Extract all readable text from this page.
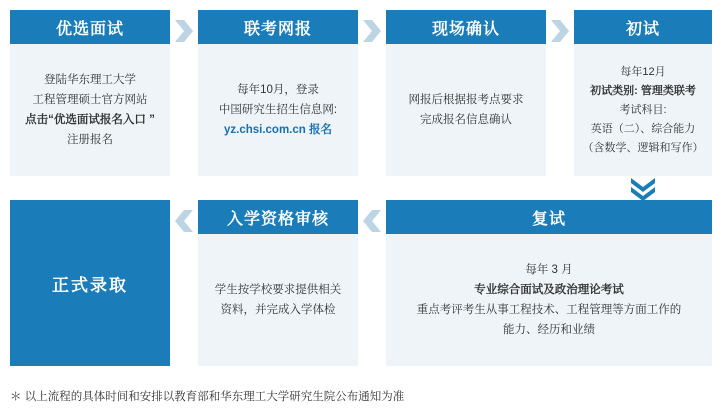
优选面试
登陆华东理工大学
工程管理硕士官方网站
点击“优选面试报名入口 ”
注册报名
联考网报
每年10月，登录
中国研究生招生信息网:
yz.chsi.com.cn 报名
现场确认
网报后根据报考点要求
完成报名信息确认
初试
每年12月
初试类别: 管理类联考
考试科目:
英语（二）、综合能力
（含数学、逻辑和写作）
正式录取
入学资格审核
学生按学校要求提供相关
资料，并完成入学体检
复试
每年 3 月
专业综合面试及政治理论考试
重点考评考生从事工程技术、工程管理等方面工作的
能力、经历和业绩
＊ 以上流程的具体时间和安排以教育部和华东理工大学研究生院公布通知为准
